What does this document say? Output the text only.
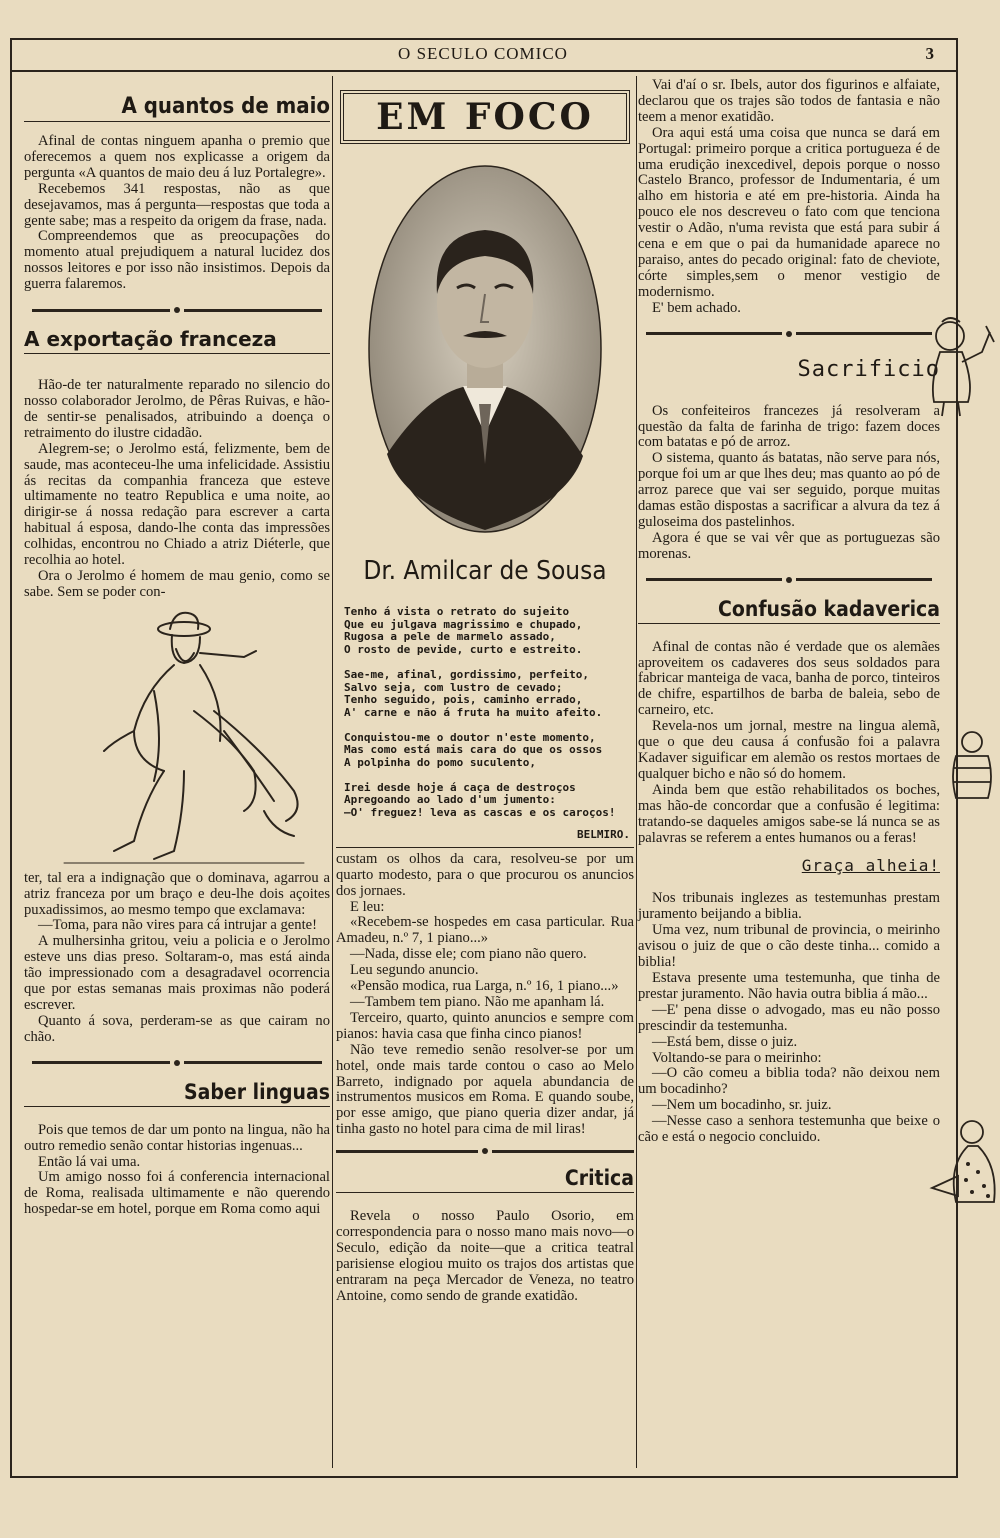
O SECULO COMICO	3
A quantos de maio

Afinal de contas ninguem apanha o premio que oferecemos a quem nos explicasse a origem da pergunta «A quantos de maio deu á luz Portalegre».

Recebemos 341 respostas, não as que desejavamos, mas á pergunta—respostas que toda a gente sabe; mas a respeito da origem da frase, nada.

Compreendemos que as preocupações do momento atual prejudiquem a natural lucidez dos nossos leitores e por isso não insistimos. Depois da guerra falaremos.

A exportação franceza

Hão-de ter naturalmente reparado no silencio do nosso colaborador Jerolmo, de Pêras Ruivas, e hão-de sentir-se penalisados, atribuindo a doença o retraimento do ilustre cidadão.

Alegrem-se; o Jerolmo está, felizmente, bem de saude, mas aconteceu-lhe uma infelicidade. Assistiu ás recitas da companhia franceza que esteve ultimamente no teatro Republica e uma noite, ao dirigir-se á nossa redação para escrever a carta habitual á esposa, dando-lhe conta das impressões colhidas, encontrou no Chiado a atriz Diéterle, que recolhia ao hotel.

Ora o Jerolmo é homem de mau genio, como se sabe. Sem se poder con-

ter, tal era a indignação que o dominava, agarrou a atriz franceza por um braço e deu-lhe dois açoites puxadissimos, ao mesmo tempo que exclamava:

—Toma, para não vires para cá intrujar a gente!

A mulhersinha gritou, veiu a policia e o Jerolmo esteve uns dias preso. Soltaram-o, mas está ainda tão impressionado com a desagradavel ocorrencia que por estas semanas mais proximas não poderá escrever.

Quanto á sova, perderam-se as que cairam no chão.

Saber linguas

Pois que temos de dar um ponto na lingua, não ha outro remedio senão contar historias ingenuas...

Então lá vai uma.

Um amigo nosso foi á conferencia internacional de Roma, realisada ultimamente e não querendo hospedar-se em hotel, porque em Roma como aqui

EM FOCO
Dr. Amilcar de Sousa
Tenho á vista o retrato do sujeito
Que eu julgava magrissimo e chupado,
Rugosa a pele de marmelo assado,
O rosto de pevide, curto e estreito.
Sae-me, afinal, gordissimo, perfeito,
Salvo seja, com lustro de cevado;
Tenho seguido, pois, caminho errado,
A' carne e não á fruta ha muito afeito.
Conquistou-me o doutor n'este momento,
Mas como está mais cara do que os ossos
A polpinha do pomo suculento,
Irei desde hoje á caça de destroços
Apregoando ao lado d'um jumento:
—O' freguez! leva as cascas e os caroços!
BELMIRO.

custam os olhos da cara, resolveu-se por um quarto modesto, para o que procurou os anuncios dos jornaes.

E leu:

«Recebem-se hospedes em casa particular. Rua Amadeu, n.º 7, 1 piano...»

—Nada, disse ele; com piano não quero.

Leu segundo anuncio.

«Pensão modica, rua Larga, n.º 16, 1 piano...»

—Tambem tem piano. Não me apanham lá.

Terceiro, quarto, quinto anuncios e sempre com pianos: havia casa que finha cinco pianos!

Não teve remedio senão resolver-se por um hotel, onde mais tarde contou o caso ao Melo Barreto, indignado por aquela abundancia de instrumentos musicos em Roma. E quando soube, por esse amigo, que piano queria dizer andar, já tinha gasto no hotel para cima de mil liras!

Critica

Revela o nosso Paulo Osorio, em correspondencia para o nosso mano mais novo—o Seculo, edição da noite—que a critica teatral parisiense elogiou muito os trajos dos artistas que entraram na peça Mercador de Veneza, no teatro Antoine, como sendo de grande exatidão.

Vai d'aí o sr. Ibels, autor dos figurinos e alfaiate, declarou que os trajes são todos de fantasia e não teem a menor exatidão.

Ora aqui está uma coisa que nunca se dará em Portugal: primeiro porque a critica portugueza é de uma erudição inexcedivel, depois porque o nosso Castelo Branco, professor de Indumentaria, é um alho em historia e até em pre-historia. Ainda ha pouco ele nos descreveu o fato com que tenciona vestir o Adão, n'uma revista que está para subir á cena e em que o pai da humanidade aparece no paraiso, antes do pecado original: fato de cheviote, córte simples,sem o menor vestigio de modernismo.

E' bem achado.

Sacrificio

Os confeiteiros francezes já resolveram a questão da falta de farinha de trigo: fazem doces com batatas e pó de arroz.

O sistema, quanto ás batatas, não serve para nós, porque foi um ar que lhes deu; mas quanto ao pó de arroz parece que vai ser seguido, porque muitas damas estão dispostas a sacrificar a alvura da tez á guloseima dos pastelinhos.

Agora é que se vai vêr que as portuguezas são morenas.

Confusão kadaverica

Afinal de contas não é verdade que os alemães aproveitem os cadaveres dos seus soldados para fabricar manteiga de vaca, banha de porco, tinteiros de chifre, espartilhos de barba de baleia, sebo de carneiro, etc.

Revela-nos um jornal, mestre na lingua alemã, que o que deu causa á confusão foi a palavra Kadaver siguificar em alemão os restos mortaes de qualquer bicho e não só do homem.

Ainda bem que estão rehabilitados os boches, mas hão-de concordar que a confusão é legitima: tratando-se daqueles amigos sabe-se lá nunca se as palavras se referem a entes humanos ou a feras!

Graça alheia!

Nos tribunais inglezes as testemunhas prestam juramento beijando a biblia.

Uma vez, num tribunal de provincia, o meirinho avisou o juiz de que o cão deste tinha... comido a biblia!

Estava presente uma testemunha, que tinha de prestar juramento. Não havia outra biblia á mão...

—E' pena disse o advogado, mas eu não posso prescindir da testemunha.

—Está bem, disse o juiz.

Voltando-se para o meirinho:

—O cão comeu a biblia toda? não deixou nem um bocadinho?

—Nem um bocadinho, sr. juiz.

—Nesse caso a senhora testemunha que beixe o cão e está o negocio concluido.
